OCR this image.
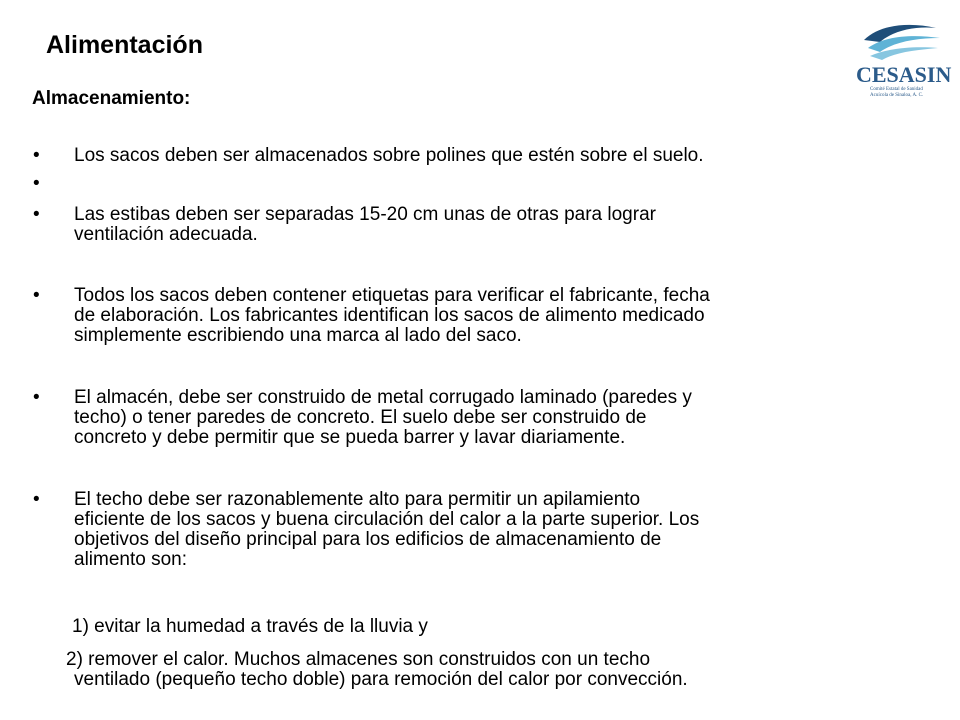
Alimentación
Almacenamiento:
CESASIN
Comité Estatal de Sanidad
Acuícola de Sinaloa, A. C.
• Los sacos deben ser almacenados sobre polines que estén sobre el suelo.

•
• Las estibas deben ser separadas 15-20 cm unas de otras para lograr
ventilación adecuada.

• Todos los sacos deben contener etiquetas para verificar el fabricante, fecha
de elaboración. Los fabricantes identifican los sacos de alimento medicado
simplemente escribiendo una marca al lado del saco.

• El almacén, debe ser construido de metal corrugado laminado (paredes y
techo) o tener paredes de concreto. El suelo debe ser construido de
concreto y debe permitir que se pueda barrer y lavar diariamente.

• El techo debe ser razonablemente alto para permitir un apilamiento
eficiente de los sacos y buena circulación del calor a la parte superior. Los
objetivos del diseño principal para los edificios de almacenamiento de
alimento son:

1) evitar la humedad a través de la lluvia y

2) remover el calor. Muchos almacenes son construidos con un techo
ventilado (pequeño techo doble) para remoción del calor por convección.
